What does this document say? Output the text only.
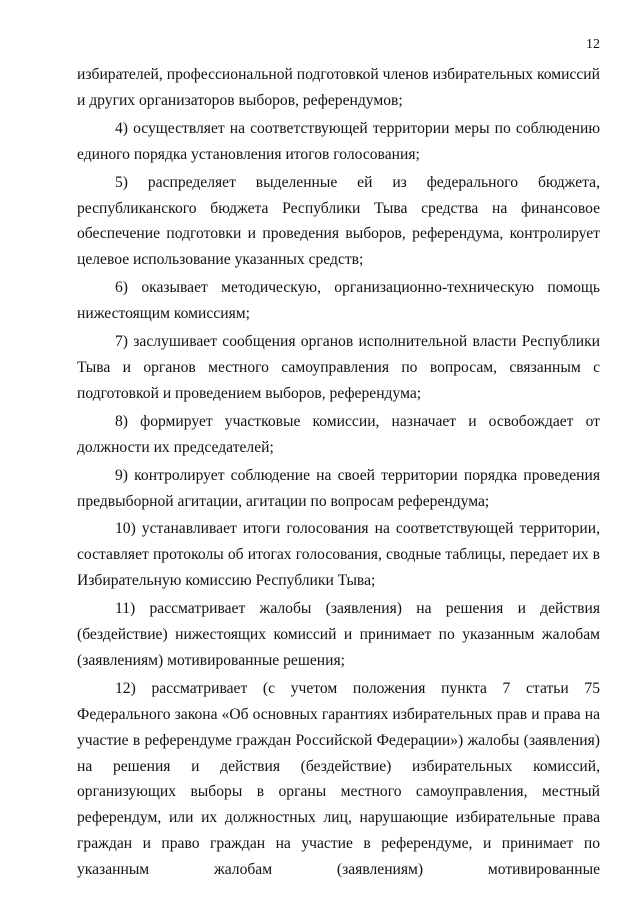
12

избирателей, профессиональной подготовкой членов избирательных комиссий и других организаторов выборов, референдумов;

4) осуществляет на соответствующей территории меры по соблюдению единого порядка установления итогов голосования;

5) распределяет выделенные ей из федерального бюджета, республиканского бюджета Республики Тыва средства на финансовое обеспечение подготовки и проведения выборов, референдума, контролирует целевое использование указанных средств;

6) оказывает методическую, организационно-техническую помощь нижестоящим комиссиям;

7) заслушивает сообщения органов исполнительной власти Республики Тыва и органов местного самоуправления по вопросам, связанным с подготовкой и проведением выборов, референдума;

8) формирует участковые комиссии, назначает и освобождает от должности их председателей;

9) контролирует соблюдение на своей территории порядка проведения предвыборной агитации, агитации по вопросам референдума;

10) устанавливает итоги голосования на соответствующей территории, составляет протоколы об итогах голосования, сводные таблицы, передает их в Избирательную комиссию Республики Тыва;

11) рассматривает жалобы (заявления) на решения и действия (бездействие) нижестоящих комиссий и принимает по указанным жалобам (заявлениям) мотивированные решения;

12) рассматривает (с учетом положения пункта 7 статьи 75 Федерального закона «Об основных гарантиях избирательных прав и права на участие в референдуме граждан Российской Федерации») жалобы (заявления) на решения и действия (бездействие) избирательных комиссий, организующих выборы в органы местного самоуправления, местный референдум, или их должностных лиц, нарушающие избирательные права граждан и право граждан на участие в референдуме, и принимает по указанным жалобам (заявлениям) мотивированные
